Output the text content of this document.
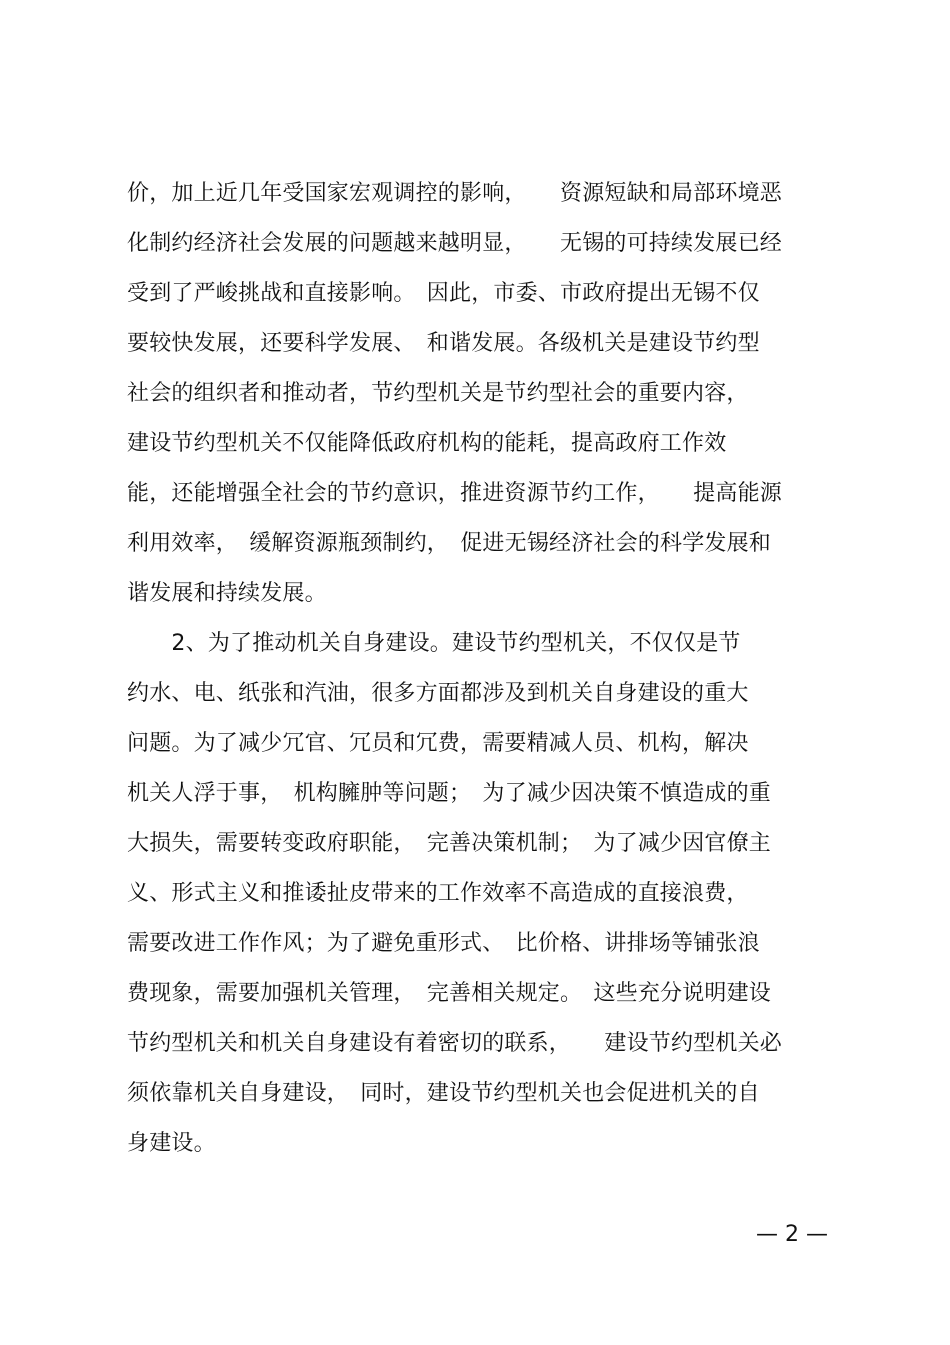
价，加上近几年受国家宏观调控的影响，　　资源短缺和局部环境恶
化制约经济社会发展的问题越来越明显，　　无锡的可持续发展已经
受到了严峻挑战和直接影响。　因此，市委、市政府提出无锡不仅
要较快发展，还要科学发展、　和谐发展。各级机关是建设节约型
社会的组织者和推动者，节约型机关是节约型社会的重要内容，
建设节约型机关不仅能降低政府机构的能耗，提高政府工作效
能，还能增强全社会的节约意识，推进资源节约工作，　　提高能源
利用效率，　缓解资源瓶颈制约，　促进无锡经济社会的科学发展和
谐发展和持续发展。
　　2、为了推动机关自身建设。建设节约型机关，不仅仅是节
约水、电、纸张和汽油，很多方面都涉及到机关自身建设的重大
问题。为了减少冗官、冗员和冗费，需要精减人员、机构，解决
机关人浮于事，　机构臃肿等问题；　为了减少因决策不慎造成的重
大损失，需要转变政府职能，　完善决策机制；　为了减少因官僚主
义、形式主义和推诿扯皮带来的工作效率不高造成的直接浪费，
需要改进工作作风；为了避免重形式、　比价格、讲排场等铺张浪
费现象，需要加强机关管理，　完善相关规定。　这些充分说明建设
节约型机关和机关自身建设有着密切的联系，　　建设节约型机关必
须依靠机关自身建设，　同时，建设节约型机关也会促进机关的自
身建设。
— 2 —
